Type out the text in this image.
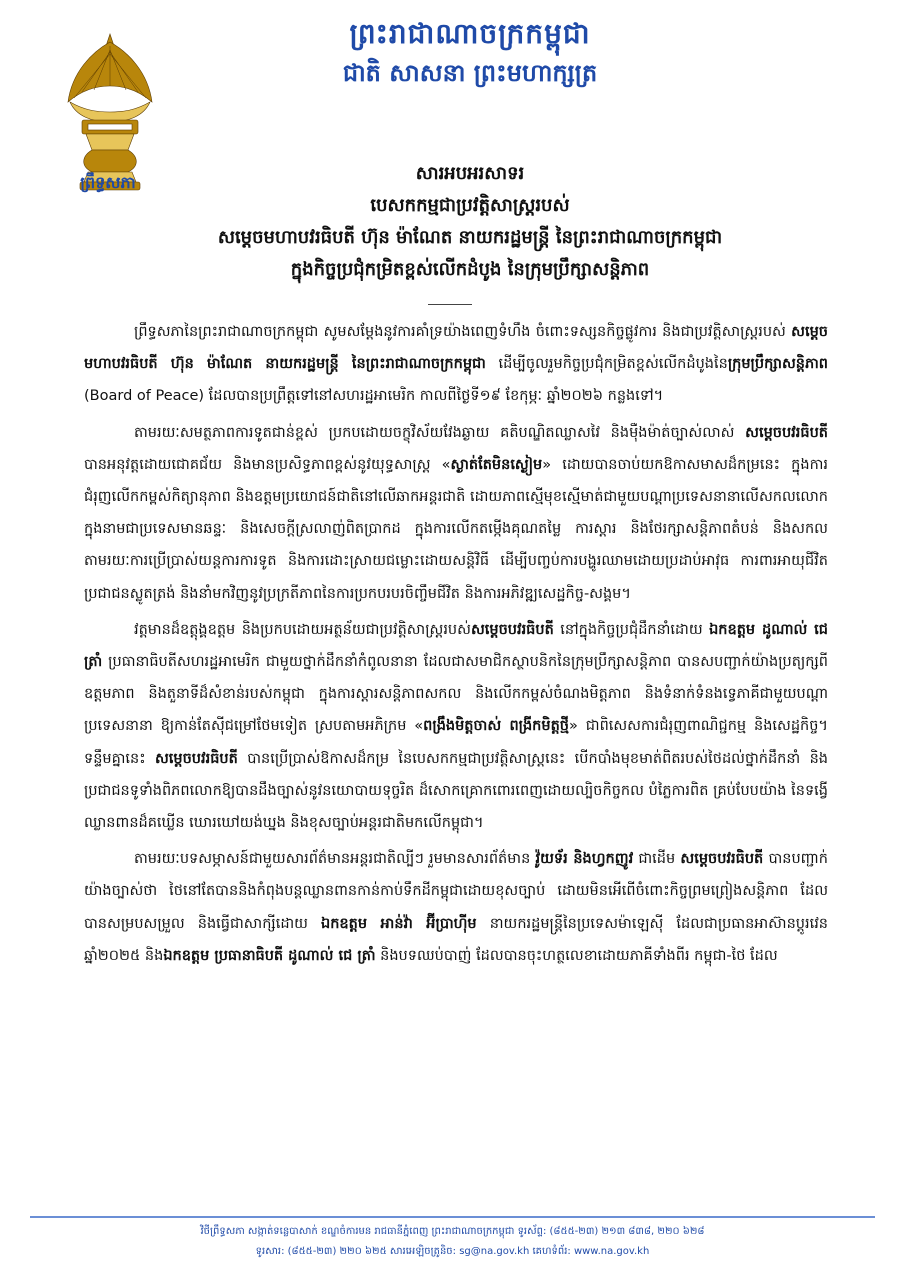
ព្រឹទ្ធសភា
ព្រះរាជាណាចក្រកម្ពុជា
ជាតិ សាសនា ព្រះមហាក្សត្រ
សារអបអរសាទរ
បេសកកម្មជាប្រវត្តិសាស្ត្ររបស់
សម្តេចមហាបវរធិបតី ហ៊ុន ម៉ាណែត នាយករដ្ឋមន្ត្រី នៃព្រះរាជាណាចក្រកម្ពុជា
ក្នុងកិច្ចប្រជុំកម្រិតខ្ពស់លើកដំបូង នៃក្រុមប្រឹក្សាសន្តិភាព

ព្រឹទ្ធសភានៃព្រះរាជាណាចក្រកម្ពុជា សូមសម្តែងនូវការគាំទ្រយ៉ាងពេញទំហឹង ចំពោះទស្សនកិច្ចផ្លូវការ និងជាប្រវត្តិសាស្ត្ររបស់ សម្តេចមហាបវរធិបតី ហ៊ុន ម៉ាណែត នាយករដ្ឋមន្ត្រី នៃព្រះរាជាណាចក្រកម្ពុជា ដើម្បីចូលរួមកិច្ចប្រជុំកម្រិតខ្ពស់លើកដំបូងនៃក្រុមប្រឹក្សាសន្តិភាព (Board of Peace) ដែលបានប្រព្រឹត្តទៅនៅសហរដ្ឋអាមេរិក កាលពីថ្ងៃទី១៩ ខែកុម្ភៈ ឆ្នាំ២០២៦ កន្លងទៅ។

តាមរយៈសមត្ថភាពការទូតជាន់ខ្ពស់ ប្រកបដោយចក្ខុវិស័យវែងឆ្ងាយ គតិបណ្ឌិតឈ្លាសវៃ និងម៉ឺងម៉ាត់ច្បាស់លាស់ សម្តេចបវរធិបតី បានអនុវត្តដោយជោគជ័យ និងមានប្រសិទ្ធភាពខ្ពស់នូវយុទ្ធសាស្ត្រ «ស្ងាត់តែមិនស្ងៀម» ដោយបានចាប់យកឱកាសមាសដ៏កម្រនេះ ក្នុងការជំរុញលើកកម្ពស់កិត្យានុភាព និងឧត្តមប្រយោជន៍ជាតិនៅលើឆាកអន្តរជាតិ ដោយភាពស្មើមុខស្មើមាត់ជាមួយបណ្តាប្រទេសនានាលើសកលលោក ក្នុងនាមជាប្រទេសមានឆន្ទៈ និងសេចក្តីស្រលាញ់ពិតប្រាកដ ក្នុងការលើកតម្កើងគុណតម្លៃ ការស្តារ និងថែរក្សាសន្តិភាពតំបន់ និងសកល តាមរយៈការប្រើប្រាស់យន្តការការទូត និងការដោះស្រាយជម្លោះដោយសន្តិវិធី ដើម្បីបញ្ចប់ការបង្ហូរឈាមដោយប្រដាប់អាវុធ ការពារអាយុជីវិតប្រជាជនស្លូតត្រង់ និងនាំមកវិញនូវប្រក្រតីភាពនៃការប្រកបរបរចិញ្ចឹមជីវិត និងការអភិវឌ្ឍសេដ្ឋកិច្ច-សង្គម។

វត្តមានដ៏ឧត្តុង្គឧត្តម និងប្រកបដោយអត្ថន័យជាប្រវត្តិសាស្ត្ររបស់សម្តេចបវរធិបតី នៅក្នុងកិច្ចប្រជុំដឹកនាំដោយ ឯកឧត្តម ដូណាល់ ជេ ត្រាំ ប្រធានាធិបតីសហរដ្ឋអាមេរិក ជាមួយថ្នាក់ដឹកនាំកំពូលនានា ដែលជាសមាជិកស្ថាបនិកនៃក្រុមប្រឹក្សាសន្តិភាព បានសបញ្ជាក់យ៉ាងប្រត្យក្សពីឧត្តមភាព និងតួនាទីដ៏សំខាន់របស់កម្ពុជា ក្នុងការស្តារសន្តិភាពសកល និងលើកកម្ពស់ចំណងមិត្តភាព និងទំនាក់ទំនងទ្វេភាគីជាមួយបណ្តាប្រទេសនានា ឱ្យកាន់តែស៊ីជម្រៅថែមទៀត ស្របតាមអភិក្រម «ពង្រឹងមិត្តចាស់ ពង្រីកមិត្តថ្មី» ជាពិសេសការជំរុញពាណិជ្ជកម្ម និងសេដ្ឋកិច្ច។ ទន្ទឹមគ្នានេះ សម្តេចបវរធិបតី បានប្រើប្រាស់ឱកាសដ៏កម្រ នៃបេសកកម្មជាប្រវត្តិសាស្ត្រនេះ បើកបាំងមុខមាត់ពិតរបស់ថៃដល់ថ្នាក់ដឹកនាំ និងប្រជាជនទូទាំងពិភពលោកឱ្យបានដឹងច្បាស់នូវនយោបាយទុច្ចរិត ដ៏សោកគ្រោកពោរពេញដោយល្បិចកិច្ចកល បំភ្លៃការពិត គ្រប់បែបយ៉ាង នៃទង្វើឈ្លានពានដ៏គឃ្លើន ឃោរឃៅយង់ឃ្នង និងខុសច្បាប់អន្តរជាតិមកលើកម្ពុជា។

តាមរយៈបទសម្ភាសន៍ជាមួយសារព័ត៌មានអន្តរជាតិល្បីៗ រួមមានសារព័ត៌មាន វ៉ូយទ័រ និងហ្វកញូវ ជាដើម សម្តេចបវរធិបតី បានបញ្ជាក់យ៉ាងច្បាស់ថា ថៃនៅតែបាននិងកំពុងបន្តឈ្លានពានកាន់កាប់ទឹកដីកម្ពុជាដោយខុសច្បាប់ ដោយមិនអើពើចំពោះកិច្ចព្រមព្រៀងសន្តិភាព ដែលបានសម្របសម្រួល និងធ្វើជាសាក្សីដោយ ឯកឧត្តម អាន់វ៉ា អ៊ីប្រាហ៊ីម នាយករដ្ឋមន្ត្រីនៃប្រទេសម៉ាឡេស៊ី ដែលជាប្រធានអាស៊ានប្តូរវេនឆ្នាំ២០២៥ និងឯកឧត្តម ប្រធានាធិបតី ដូណាល់ ជេ ត្រាំ និងបទឈប់បាញ់ ដែលបានចុះហត្ថលេខាដោយភាគីទាំងពីរ កម្ពុជា-ថៃ ដែល

វិថីព្រឹទ្ធសភា សង្កាត់ទន្លេបាសាក់ ខណ្ឌចំការមន រាជធានីភ្នំពេញ ព្រះរាជាណាចក្រកម្ពុជា ទូរស័ព្ទ: (៨៥៥-២៣) ២១៣ ៨៣៨, ២២០ ៦២៨
ទូរសារ: (៨៥៥-២៣) ២២០ ៦២៥ សារអេឡិចត្រូនិច: sg@na.gov.kh គេហទំព័រ: www.na.gov.kh
